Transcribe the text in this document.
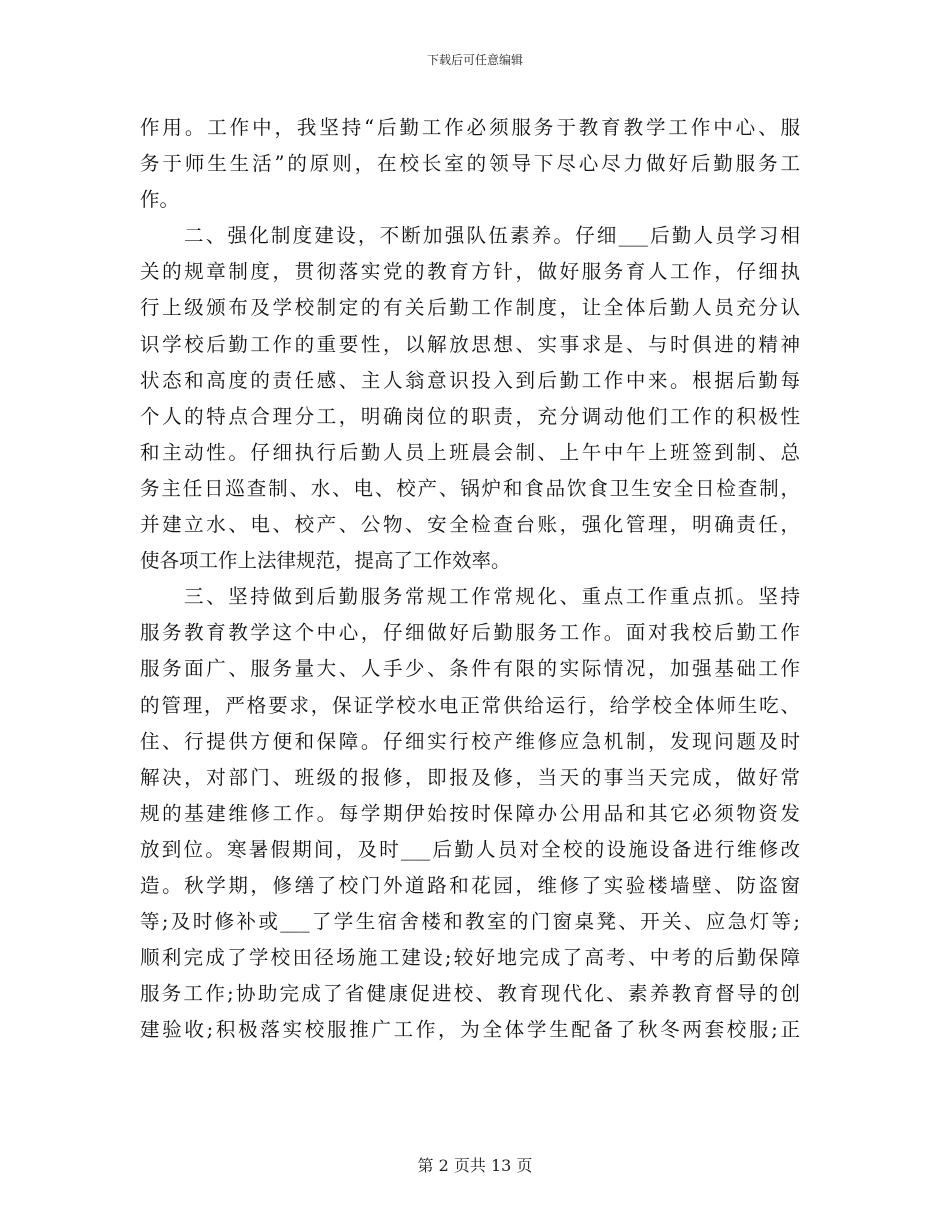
下载后可任意编辑
作用。工作中，我坚持“后勤工作必须服务于教育教学工作中心、服
务于师生生活”的原则，在校长室的领导下尽心尽力做好后勤服务工
作。
二、强化制度建设，不断加强队伍素养。仔细___后勤人员学习相
关的规章制度，贯彻落实党的教育方针，做好服务育人工作，仔细执
行上级颁布及学校制定的有关后勤工作制度，让全体后勤人员充分认
识学校后勤工作的重要性，以解放思想、实事求是、与时俱进的精神
状态和高度的责任感、主人翁意识投入到后勤工作中来。根据后勤每
个人的特点合理分工，明确岗位的职责，充分调动他们工作的积极性
和主动性。仔细执行后勤人员上班晨会制、上午中午上班签到制、总
务主任日巡查制、水、电、校产、锅炉和食品饮食卫生安全日检查制，
并建立水、电、校产、公物、安全检查台账，强化管理，明确责任，
使各项工作上法律规范，提高了工作效率。
三、坚持做到后勤服务常规工作常规化、重点工作重点抓。坚持
服务教育教学这个中心，仔细做好后勤服务工作。面对我校后勤工作
服务面广、服务量大、人手少、条件有限的实际情况，加强基础工作
的管理，严格要求，保证学校水电正常供给运行，给学校全体师生吃、
住、行提供方便和保障。仔细实行校产维修应急机制，发现问题及时
解决，对部门、班级的报修，即报及修，当天的事当天完成，做好常
规的基建维修工作。每学期伊始按时保障办公用品和其它必须物资发
放到位。寒暑假期间，及时___后勤人员对全校的设施设备进行维修改
造。秋学期，修缮了校门外道路和花园，维修了实验楼墙壁、防盗窗
等;及时修补或___了学生宿舍楼和教室的门窗桌凳、开关、应急灯等;
顺利完成了学校田径场施工建设;较好地完成了高考、中考的后勤保障
服务工作;协助完成了省健康促进校、教育现代化、素养教育督导的创
建验收;积极落实校服推广工作，为全体学生配备了秋冬两套校服;正
第 2 页共 13 页
